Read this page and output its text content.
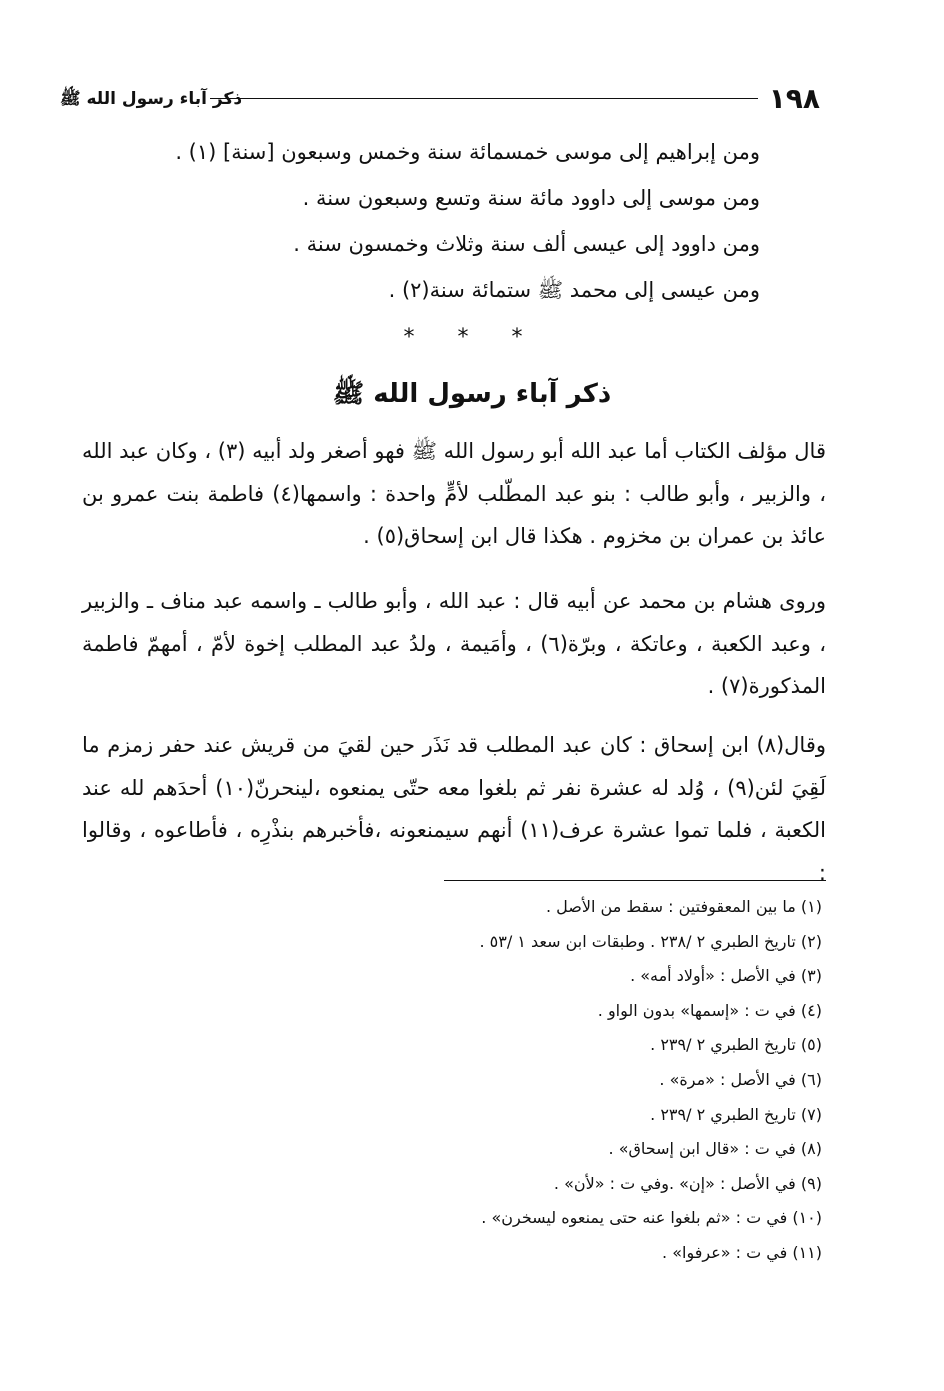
١٩٨
ذكر آباء رسول الله ﷺ
ومن إبراهيم إلى موسى خمسمائة سنة وخمس وسبعون [سنة] (١) .
ومن موسى إلى داوود مائة سنة وتسع وسبعون سنة .
ومن داوود إلى عيسى ألف سنة وثلاث وخمسون سنة .
ومن عيسى إلى محمد ﷺ ستمائة سنة(٢) .
* * *
ذكر آباء رسول الله ﷺ

قال مؤلف الكتاب أما عبد الله أبو رسول الله ﷺ فهو أصغر ولد أبيه (٣) ، وكان عبد الله ، والزبير ، وأبو طالب : بنو عبد المطّلب لأمٍّ واحدة : واسمها(٤) فاطمة بنت عمرو بن عائذ بن عمران بن مخزوم . هكذا قال ابن إسحاق(٥) .

وروى هشام بن محمد عن أبيه قال : عبد الله ، وأبو طالب ـ واسمه عبد مناف ـ والزبير ، وعبد الكعبة ، وعاتكة ، وبرّة(٦) ، وأمَيمة ، ولدُ عبد المطلب إخوة لأمّ ، أمهمّ فاطمة المذكورة(٧) .

وقال(٨) ابن إسحاق : كان عبد المطلب قد نَذَر حين لقيَ من قريش عند حفر زمزم ما لَقِيَ لئن(٩) ، وُلد له عشرة نفر ثم بلغوا معه حتّى يمنعوه ،لينحرنّ(١٠) أحدَهم لله عند الكعبة ، فلما تموا عشرة عرف(١١) أنهم سيمنعونه ،فأخبرهم بنذْرِه ، فأطاعوه ، وقالوا :

(١) ما بين المعقوفتين : سقط من الأصل .
(٢) تاريخ الطبري ٢ /٢٣٨ . وطبقات ابن سعد ١ /٥٣ .
(٣) في الأصل : «أولاد أمه» .
(٤) في ت : «إسمها» بدون الواو .
(٥) تاريخ الطبري ٢ /٢٣٩ .
(٦) في الأصل : «مرة» .
(٧) تاريخ الطبري ٢ /٢٣٩ .
(٨) في ت : «قال ابن إسحاق» .
(٩) في الأصل : «إن» .وفي ت : «لأن» .
(١٠) في ت : «ثم بلغوا عنه حتى يمنعوه ليسخرن» .
(١١) في ت : «عرفوا» .
